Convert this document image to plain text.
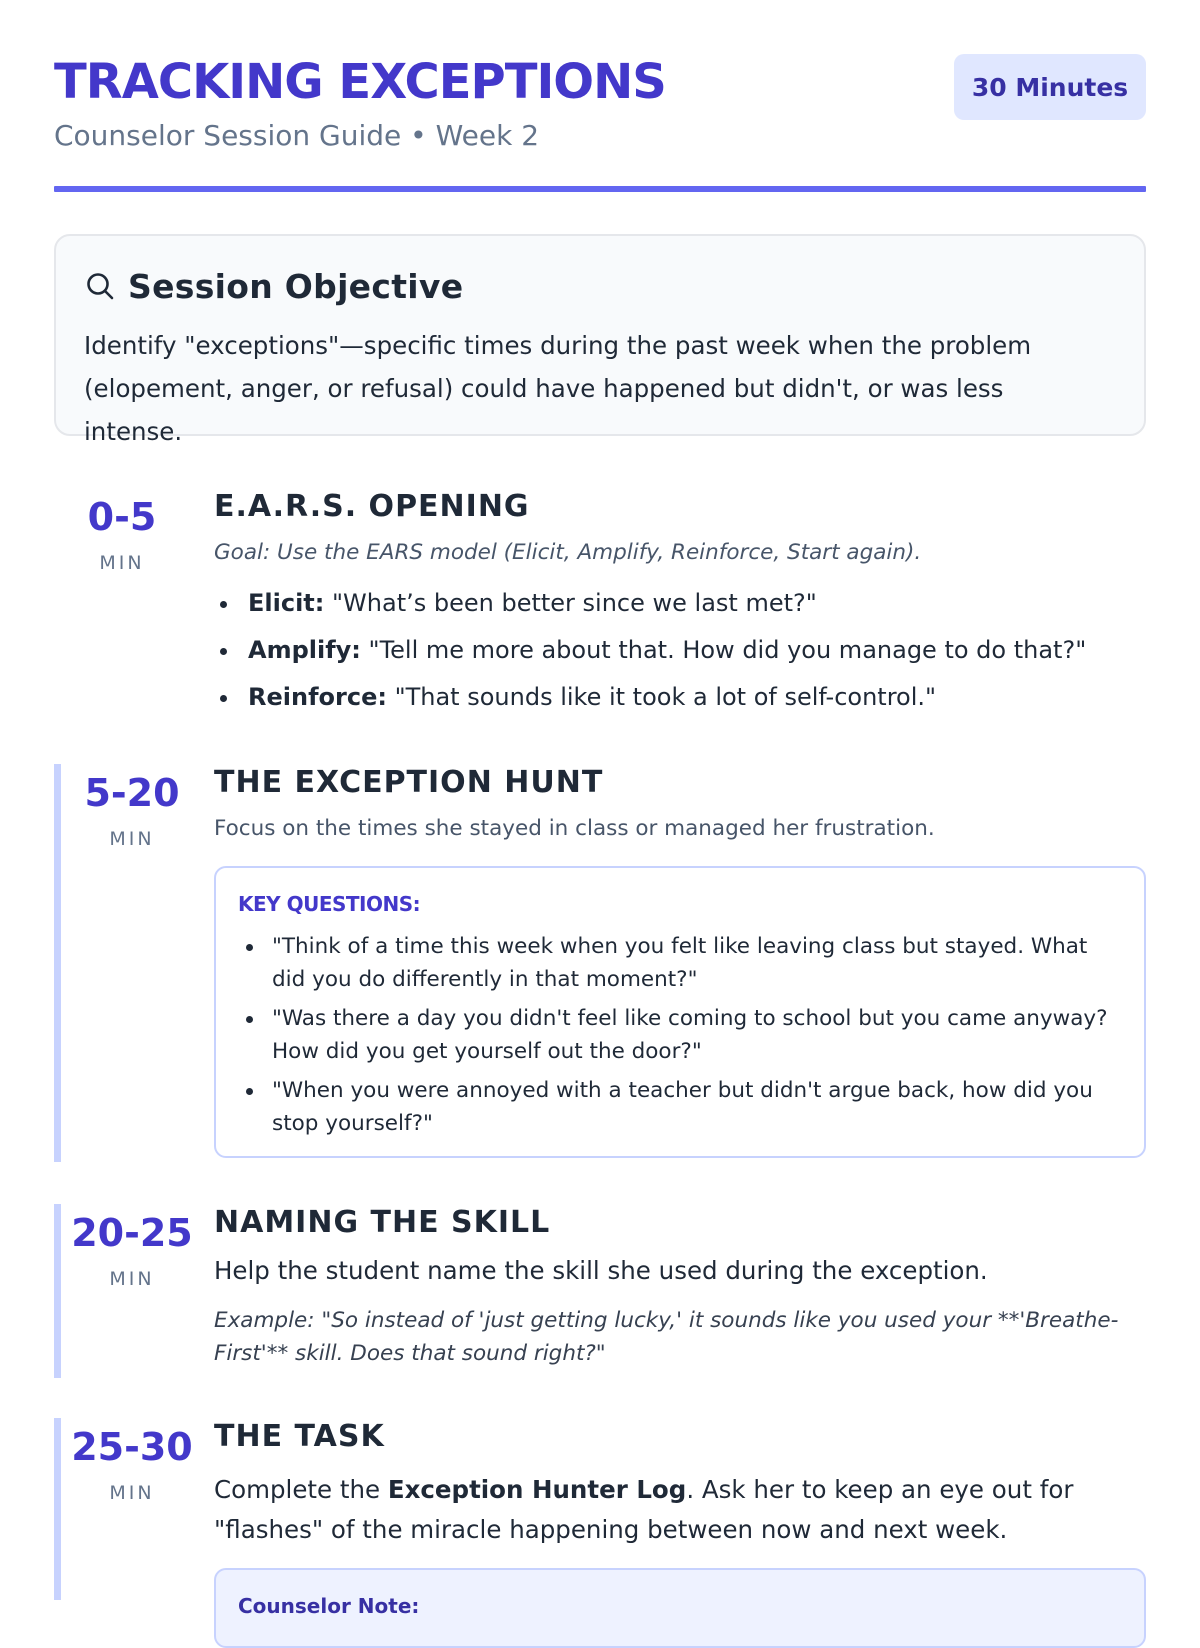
TRACKING EXCEPTIONS
Counselor Session Guide • Week 2
30 Minutes
Session Objective
Identify "exceptions"—specific times during the past week when the problem (elopement, anger, or refusal) could have happened but didn't, or was less intense.
0-5
MIN
E.A.R.S. OPENING
Goal: Use the EARS model (Elicit, Amplify, Reinforce, Start again).
Elicit: "What’s been better since we last met?"
Amplify: "Tell me more about that. How did you manage to do that?"
Reinforce: "That sounds like it took a lot of self-control."
5-20
MIN
THE EXCEPTION HUNT
Focus on the times she stayed in class or managed her frustration.
KEY QUESTIONS:
"Think of a time this week when you felt like leaving class but stayed. What did you do differently in that moment?"
"Was there a day you didn't feel like coming to school but you came anyway? How did you get yourself out the door?"
"When you were annoyed with a teacher but didn't argue back, how did you stop yourself?"
20-25
MIN
NAMING THE SKILL
Help the student name the skill she used during the exception.
Example: "So instead of 'just getting lucky,' it sounds like you used your **'Breathe-First'** skill. Does that sound right?"
25-30
MIN
THE TASK
Complete the Exception Hunter Log. Ask her to keep an eye out for "flashes" of the miracle happening between now and next week.
Counselor Note:
